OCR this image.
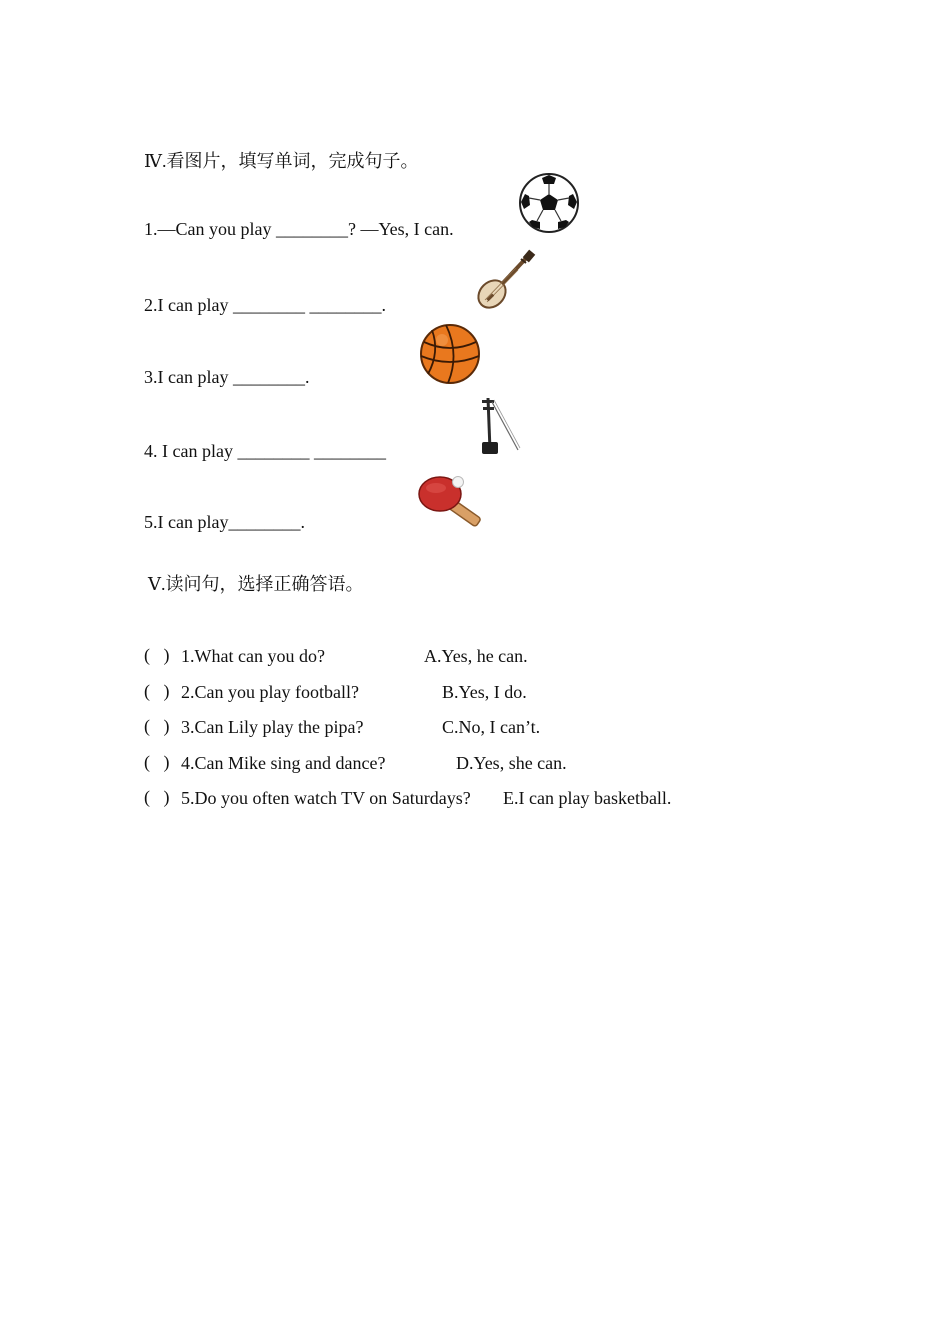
Ⅳ.看图片，填写单词，完成句子。
1.—Can you play ________? —Yes, I can.
2.I can play ________ ________.
3.I can play ________.
4. I can play ________ ________
5.I can play________.
Ⅴ.读问句，选择正确答语。
(   ) 1.What can you do?	A.Yes, he can.
(   ) 2.Can you play football?	B.Yes, I do.
(   ) 3.Can Lily play the pipa?	C.No, I can’t.
(   ) 4.Can Mike sing and dance?	D.Yes, she can.
(   ) 5.Do you often watch TV on Saturdays? E.I can play basketball.
